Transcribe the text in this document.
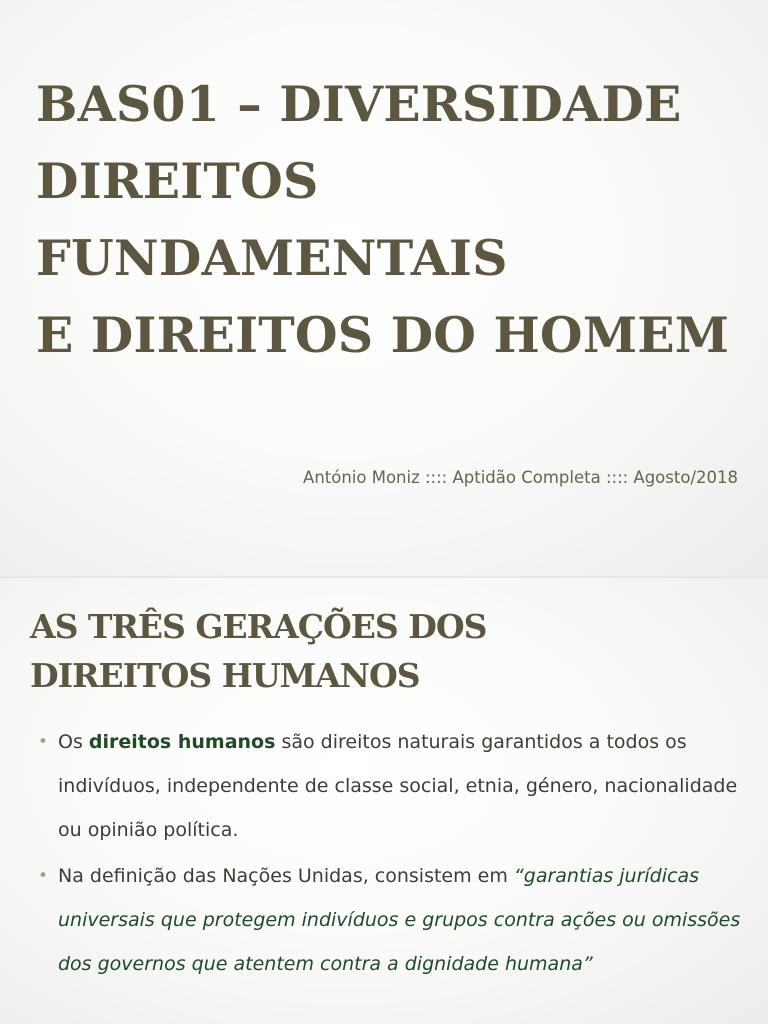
BAS01 – DIVERSIDADE
DIREITOS
FUNDAMENTAIS
E DIREITOS DO HOMEM

António Moniz :::: Aptidão Completa :::: Agosto/2018

AS TRÊS GERAÇÕES DOS
DIREITOS HUMANOS
• Os direitos humanos são direitos naturais garantidos a todos os indivíduos, independente de classe social, etnia, género, nacionalidade ou opinião política.
• Na definição das Nações Unidas, consistem em “garantias jurídicas universais que protegem indivíduos e grupos contra ações ou omissões dos governos que atentem contra a dignidade humana”
